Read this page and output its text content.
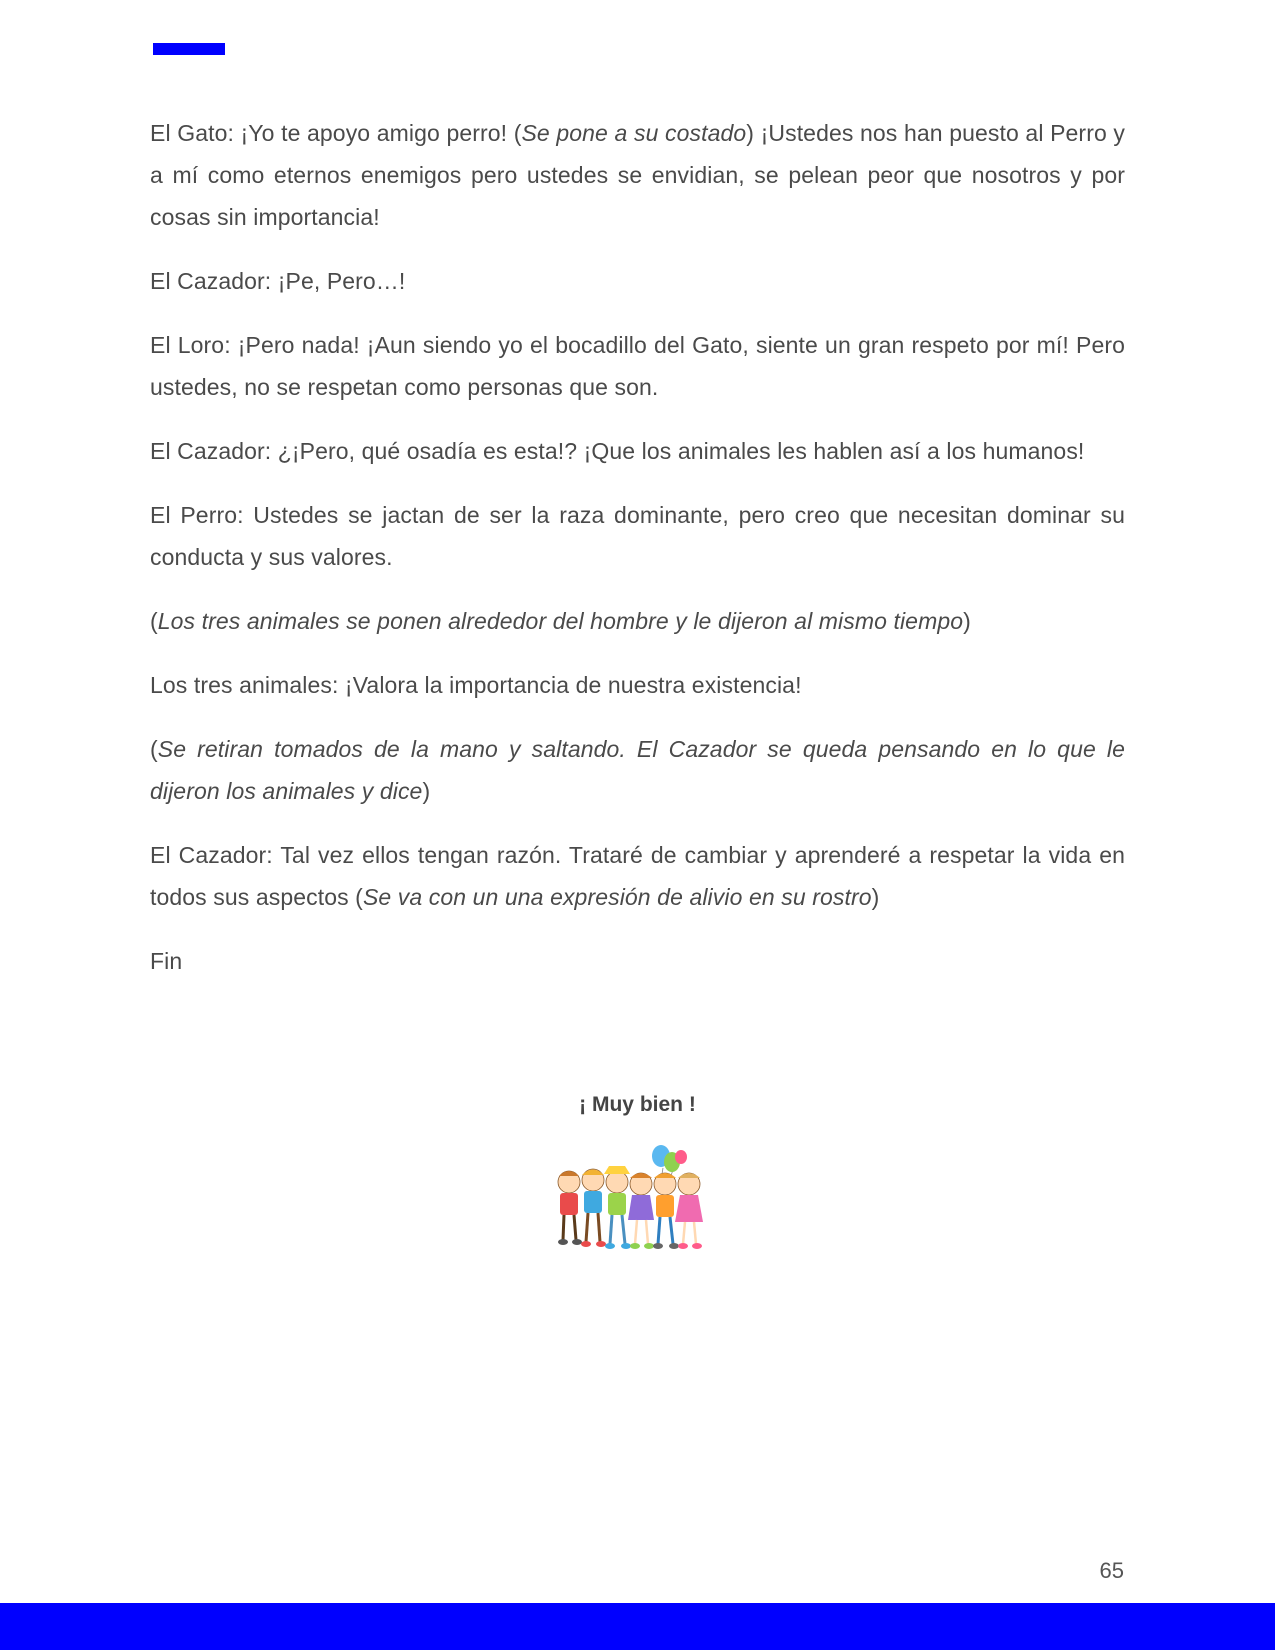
El Gato: ¡Yo te apoyo amigo perro! (Se pone a su costado) ¡Ustedes nos han puesto al Perro y a mí como eternos enemigos pero ustedes se envidian, se pelean peor que nosotros y por cosas sin importancia!

El Cazador: ¡Pe, Pero…!

El Loro: ¡Pero nada! ¡Aun siendo yo el bocadillo del Gato, siente un gran respeto por mí! Pero ustedes, no se respetan como personas que son.

El Cazador: ¿¡Pero, qué osadía es esta!? ¡Que los animales les hablen así a los humanos!

El Perro: Ustedes se jactan de ser la raza dominante, pero creo que necesitan dominar su conducta y sus valores.

(Los tres animales se ponen alrededor del hombre y le dijeron al mismo tiempo)

Los tres animales: ¡Valora la importancia de nuestra existencia!

(Se retiran tomados de la mano y saltando. El Cazador se queda pensando en lo que le dijeron los animales y dice)

El Cazador: Tal vez ellos tengan razón. Trataré de cambiar y aprenderé a respetar la vida en todos sus aspectos (Se va con un una expresión de alivio en su rostro)

Fin

¡ Muy bien !
65
